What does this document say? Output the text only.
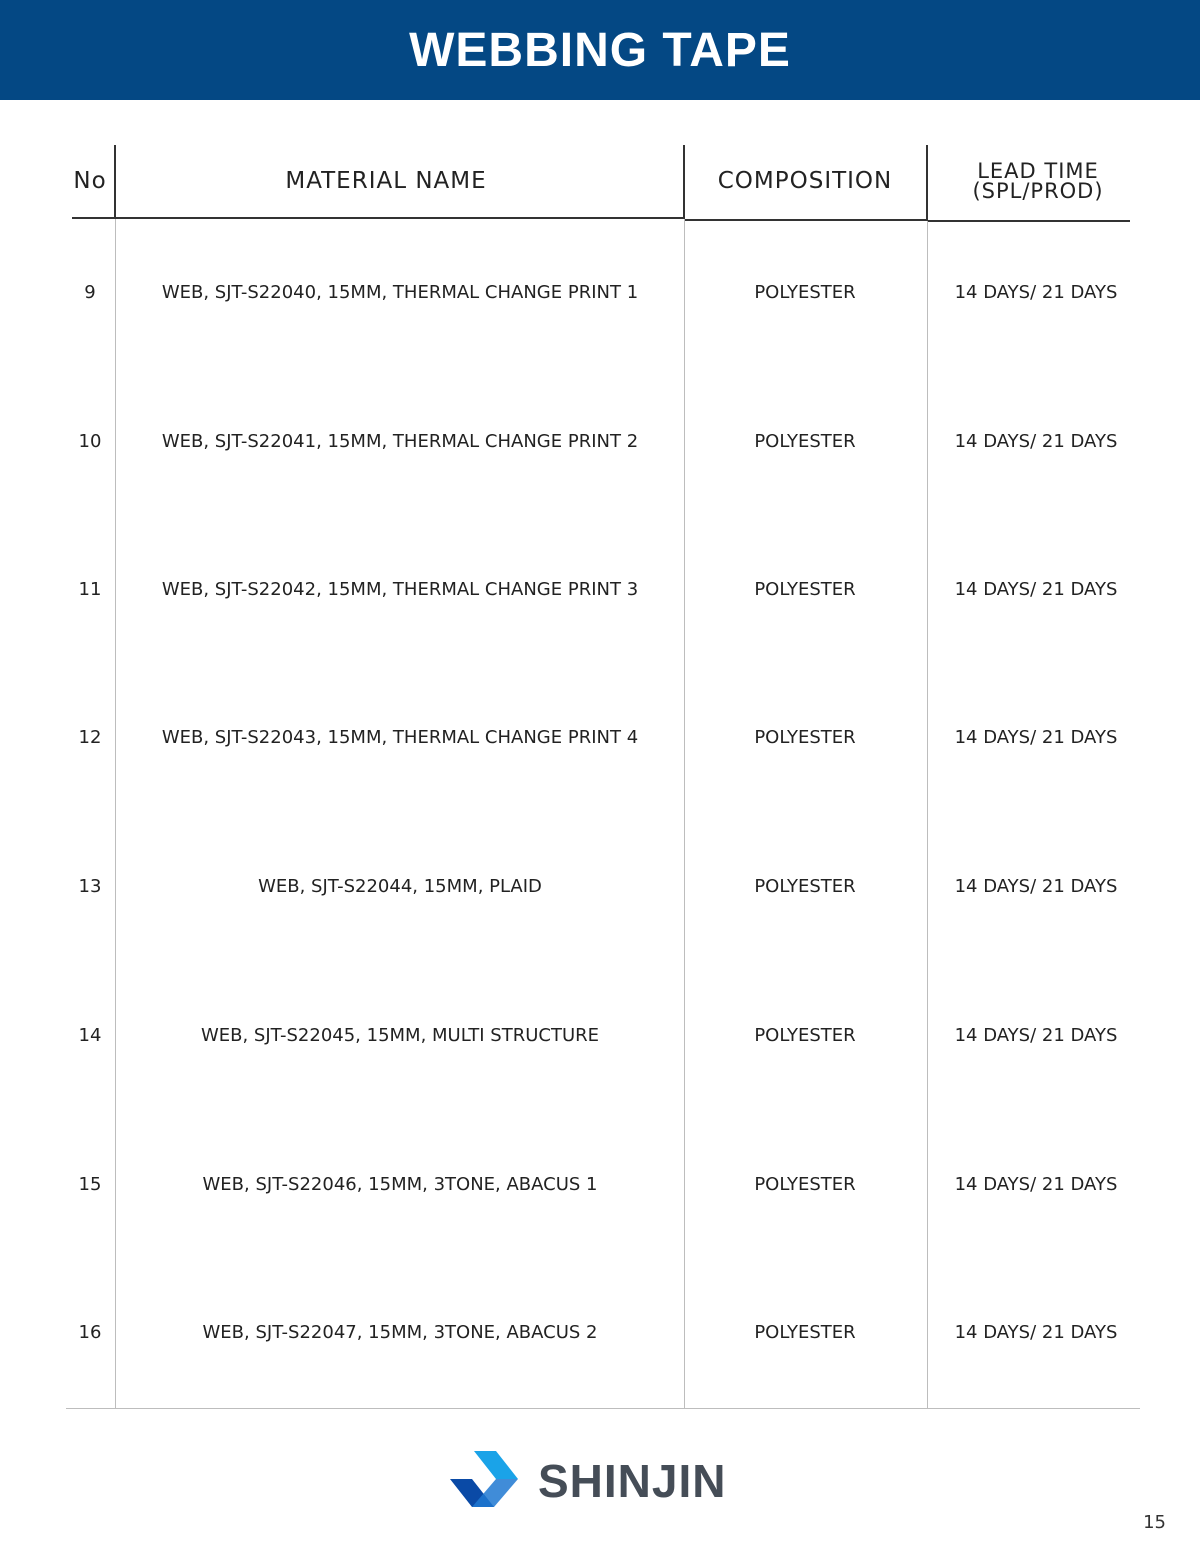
WEBBING TAPE
No	MATERIAL NAME	COMPOSITION	LEAD TIME
(SPL/PROD)
9	WEB, SJT-S22040, 15MM, THERMAL CHANGE PRINT 1	POLYESTER	14 DAYS/ 21 DAYS
10	WEB, SJT-S22041, 15MM, THERMAL CHANGE PRINT 2	POLYESTER	14 DAYS/ 21 DAYS
11	WEB, SJT-S22042, 15MM, THERMAL CHANGE PRINT 3	POLYESTER	14 DAYS/ 21 DAYS
12	WEB, SJT-S22043, 15MM, THERMAL CHANGE PRINT 4	POLYESTER	14 DAYS/ 21 DAYS
13	WEB, SJT-S22044, 15MM, PLAID	POLYESTER	14 DAYS/ 21 DAYS
14	WEB, SJT-S22045, 15MM, MULTI STRUCTURE	POLYESTER	14 DAYS/ 21 DAYS
15	WEB, SJT-S22046, 15MM, 3TONE, ABACUS 1	POLYESTER	14 DAYS/ 21 DAYS
16	WEB, SJT-S22047, 15MM, 3TONE, ABACUS 2	POLYESTER	14 DAYS/ 21 DAYS
SHINJIN
15
